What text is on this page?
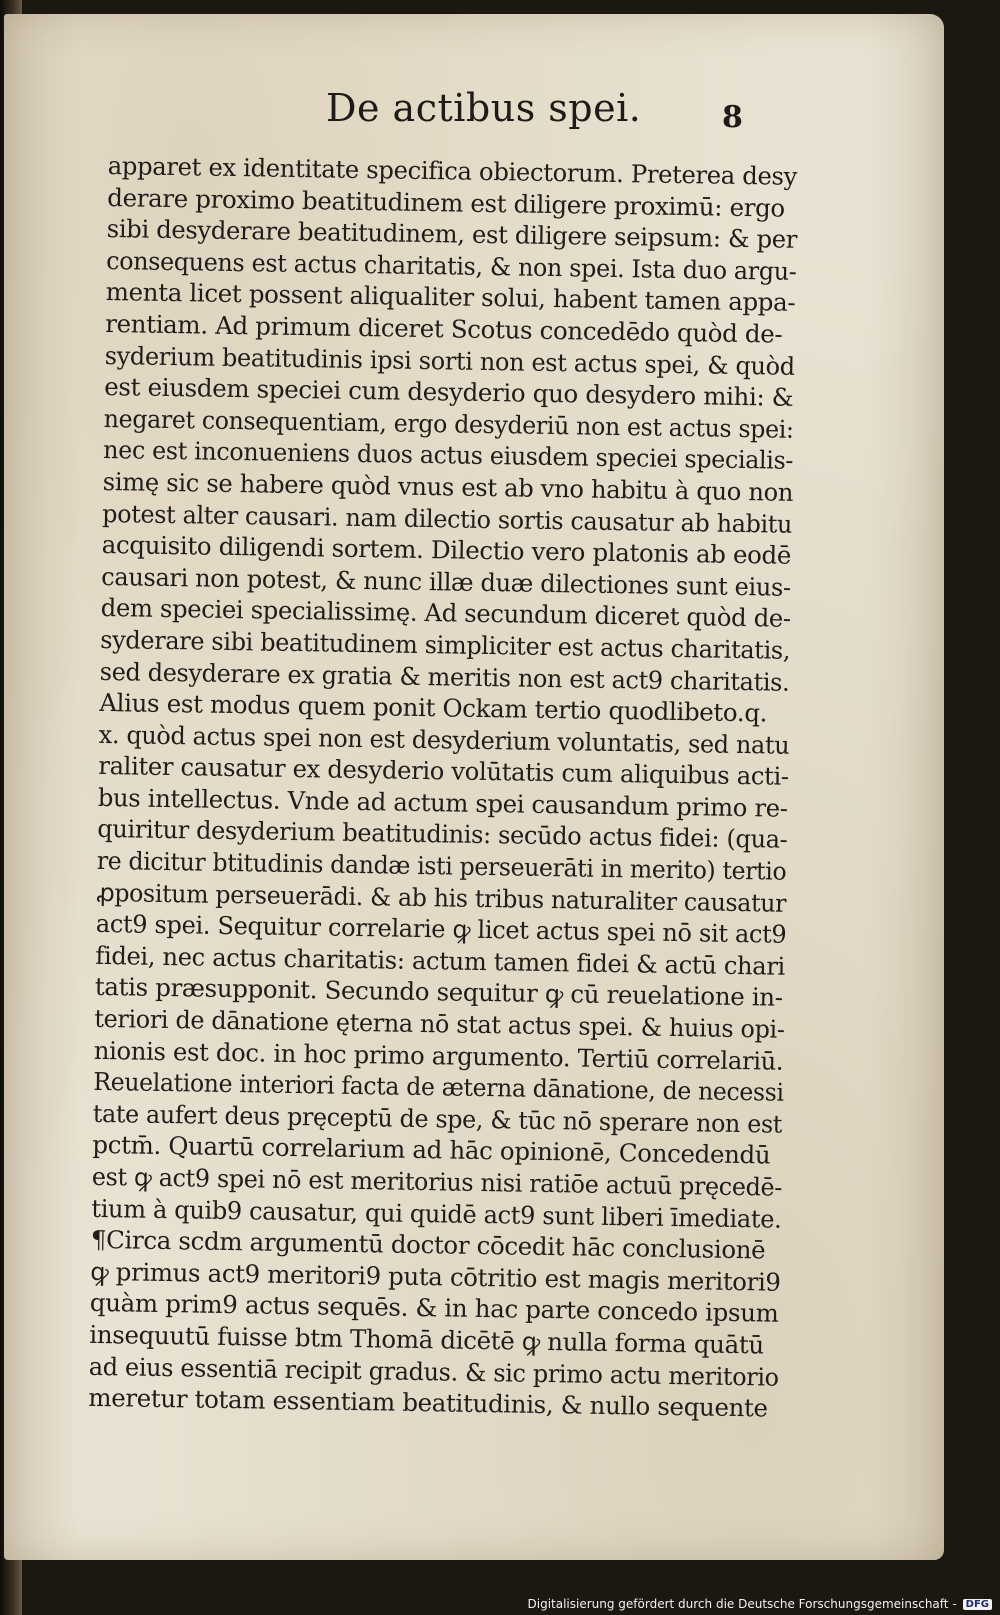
De actibus spei.	8
apparet ex identitate specifica obiectorum. Preterea desy
derare proximo beatitudinem est diligere proximū: ergo
sibi desyderare beatitudinem, est diligere seipsum: & per
consequens est actus charitatis, & non spei. Ista duo argu-
menta licet possent aliqualiter solui, habent tamen appa-
rentiam. Ad primum diceret Scotus concedēdo quòd de-
syderium beatitudinis ipsi sorti non est actus spei, & quòd
est eiusdem speciei cum desyderio quo desydero mihi: &
negaret consequentiam, ergo desyderiū non est actus spei:
nec est inconueniens duos actus eiusdem speciei specialis-
simę sic se habere quòd vnus est ab vno habitu à quo non
potest alter causari. nam dilectio sortis causatur ab habitu
acquisito diligendi sortem. Dilectio vero platonis ab eodē
causari non potest, & nunc illæ duæ dilectiones sunt eius-
dem speciei specialissimę. Ad secundum diceret quòd de-
syderare sibi beatitudinem simpliciter est actus charitatis,
sed desyderare ex gratia & meritis non est act9 charitatis.
Alius est modus quem ponit Ockam tertio quodlibeto.q.
x. quòd actus spei non est desyderium voluntatis, sed natu
raliter causatur ex desyderio volūtatis cum aliquibus acti-
bus intellectus. Vnde ad actum spei causandum primo re-
quiritur desyderium beatitudinis: secūdo actus fidei: (qua-
re dicitur btitudinis dandæ isti perseuerāti in merito) tertio
ꝓpositum perseuerādi. & ab his tribus naturaliter causatur
act9 spei. Sequitur correlarie ꝙ licet actus spei nō sit act9
fidei, nec actus charitatis: actum tamen fidei & actū chari
tatis præsupponit. Secundo sequitur ꝙ cū reuelatione in-
teriori de dānatione ęterna nō stat actus spei. & huius opi-
nionis est doc. in hoc primo argumento. Tertiū correlariū.
Reuelatione interiori facta de æterna dānatione, de necessi
tate aufert deus pręceptū de spe, & tūc nō sperare non est
pctm̄. Quartū correlarium ad hāc opinionē, Concedendū
est ꝙ act9 spei nō est meritorius nisi ratiōe actuū pręcedē-
tium à quib9 causatur, qui quidē act9 sunt liberi īmediate.
¶Circa scdm argumentū doctor cōcedit hāc conclusionē
ꝙ primus act9 meritori9 puta cōtritio est magis meritori9
quàm prim9 actus sequēs. & in hac parte concedo ipsum
insequutū fuisse btm Thomā dicētē ꝙ nulla forma quātū
ad eius essentiā recipit gradus. & sic primo actu meritorio
meretur totam essentiam beatitudinis, & nullo sequente
Digitalisierung gefördert durch die Deutsche Forschungsgemeinschaft - DFG
